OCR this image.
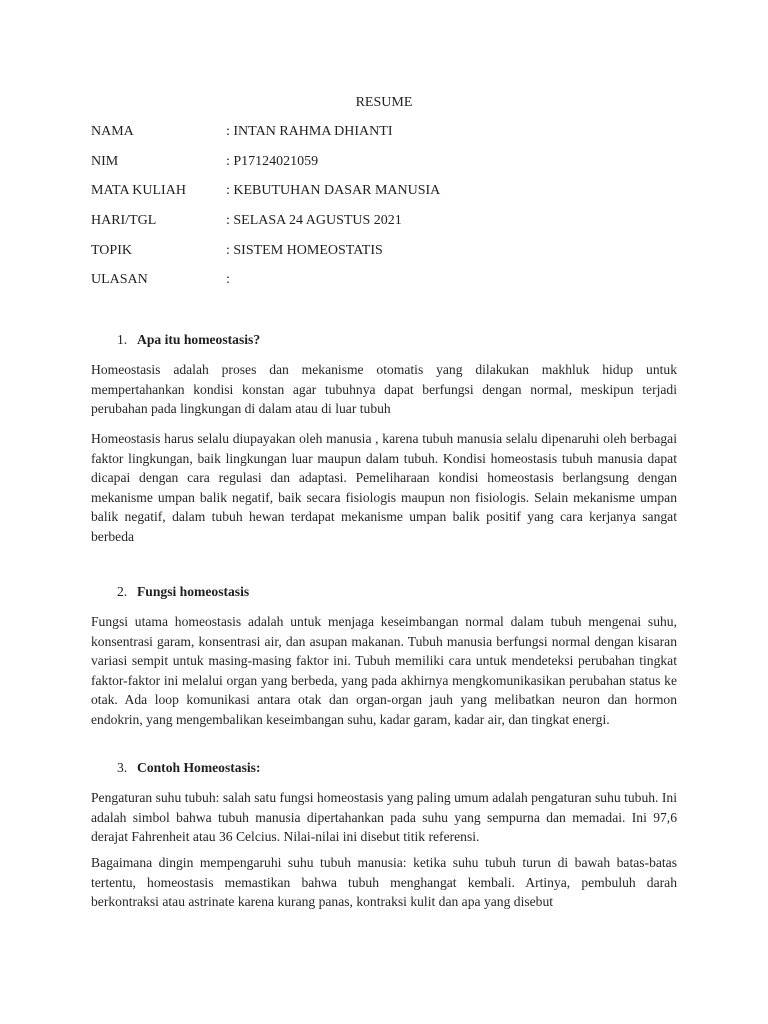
RESUME
NAMA	: INTAN RAHMA DHIANTI
NIM	: P17124021059
MATA KULIAH	: KEBUTUHAN DASAR MANUSIA
HARI/TGL	: SELASA 24 AGUSTUS 2021
TOPIK	: SISTEM HOMEOSTATIS
ULASAN	:
1. Apa itu homeostasis?
Homeostasis adalah proses dan mekanisme otomatis yang dilakukan makhluk hidup untuk mempertahankan kondisi konstan agar tubuhnya dapat berfungsi dengan normal, meskipun terjadi perubahan pada lingkungan di dalam atau di luar tubuh
Homeostasis harus selalu diupayakan oleh manusia , karena tubuh manusia selalu dipenaruhi oleh berbagai faktor lingkungan, baik lingkungan luar maupun dalam tubuh. Kondisi homeostasis tubuh manusia dapat dicapai dengan cara regulasi dan adaptasi. Pemeliharaan kondisi homeostasis berlangsung dengan mekanisme umpan balik negatif, baik secara fisiologis maupun non fisiologis. Selain mekanisme umpan balik negatif, dalam tubuh hewan terdapat mekanisme umpan balik positif yang cara kerjanya sangat berbeda
2. Fungsi homeostasis
Fungsi utama homeostasis adalah untuk menjaga keseimbangan normal dalam tubuh mengenai suhu, konsentrasi garam, konsentrasi air, dan asupan makanan. Tubuh manusia berfungsi normal dengan kisaran variasi sempit untuk masing-masing faktor ini. Tubuh memiliki cara untuk mendeteksi perubahan tingkat faktor-faktor ini melalui organ yang berbeda, yang pada akhirnya mengkomunikasikan perubahan status ke otak. Ada loop komunikasi antara otak dan organ-organ jauh yang melibatkan neuron dan hormon endokrin, yang mengembalikan keseimbangan suhu, kadar garam, kadar air, dan tingkat energi.
3. Contoh Homeostasis:
Pengaturan suhu tubuh: salah satu fungsi homeostasis yang paling umum adalah pengaturan suhu tubuh. Ini adalah simbol bahwa tubuh manusia dipertahankan pada suhu yang sempurna dan memadai. Ini 97,6 derajat Fahrenheit atau 36 Celcius. Nilai-nilai ini disebut titik referensi.
Bagaimana dingin mempengaruhi suhu tubuh manusia: ketika suhu tubuh turun di bawah batas-batas tertentu, homeostasis memastikan bahwa tubuh menghangat kembali. Artinya, pembuluh darah berkontraksi atau astrinate karena kurang panas, kontraksi kulit dan apa yang disebut
